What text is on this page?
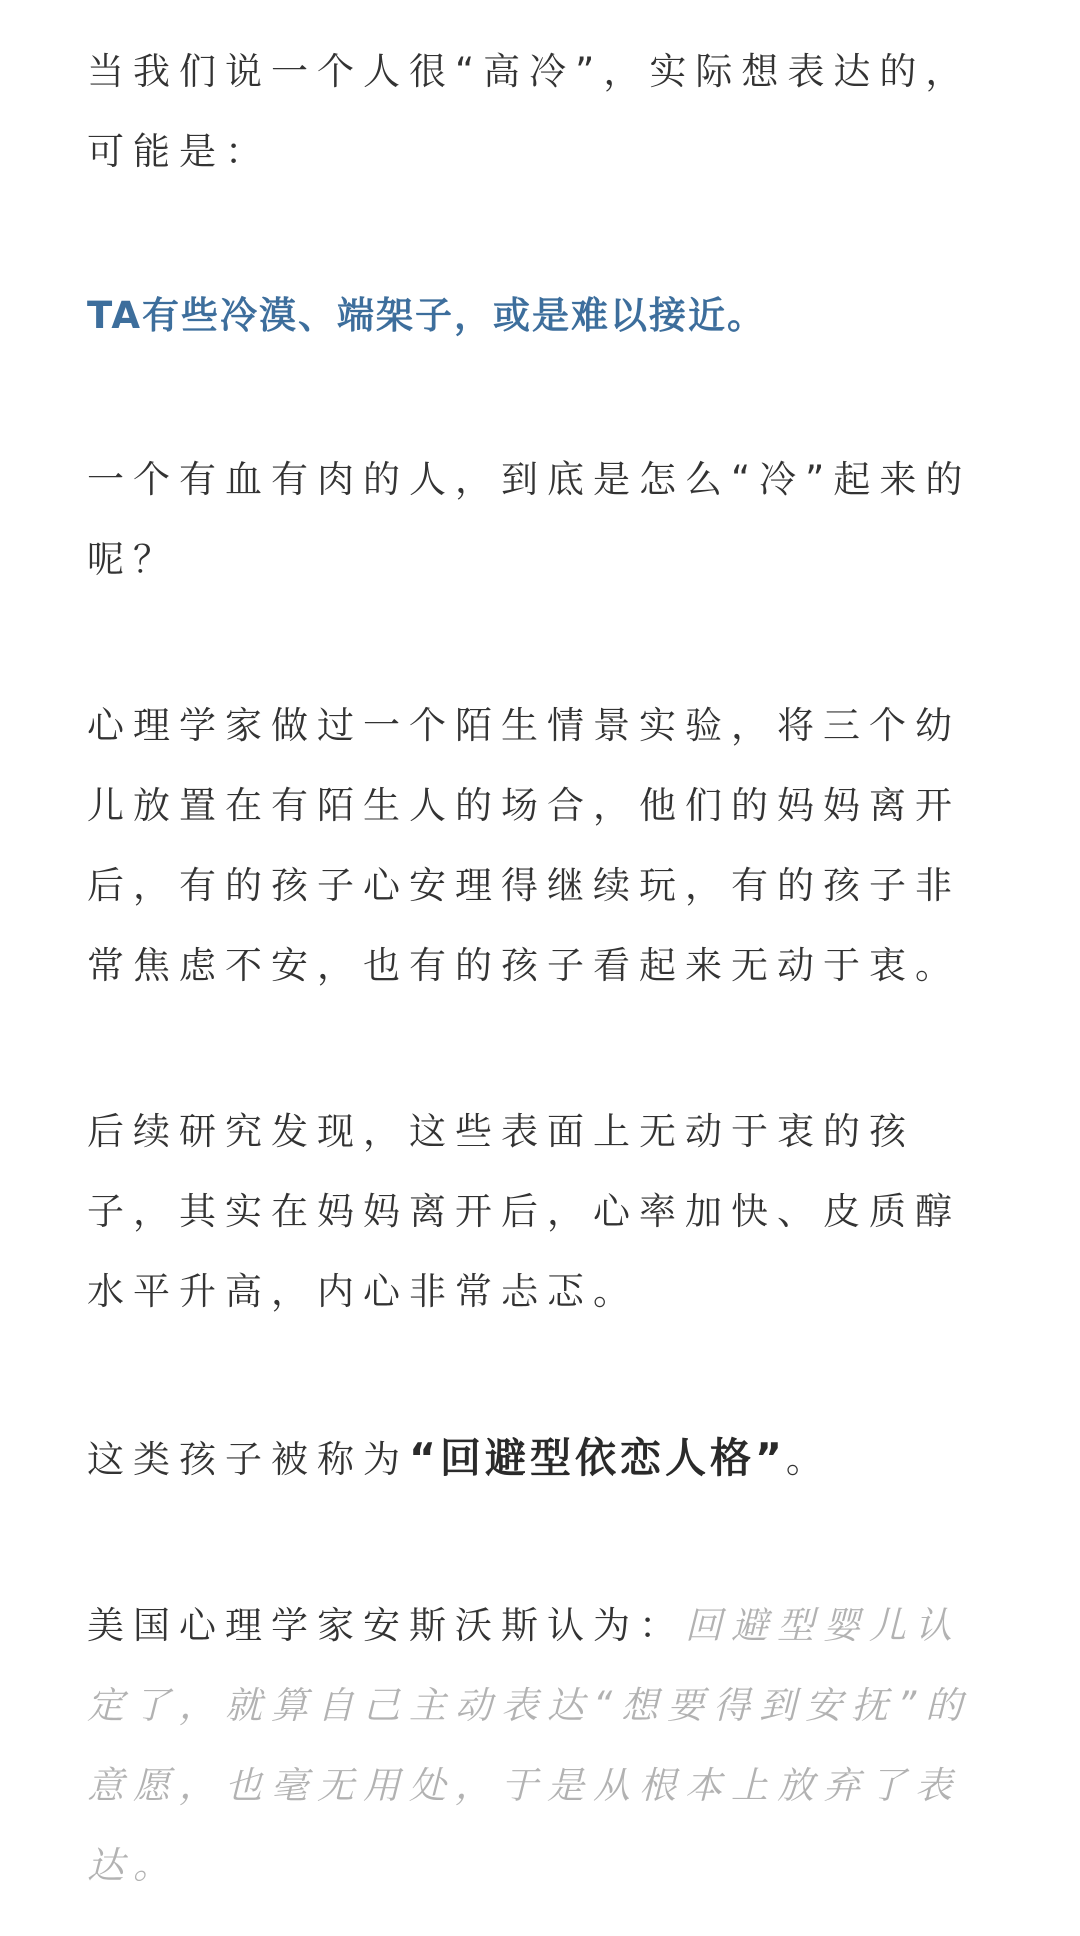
当我们说一个人很“高冷”，实际想表达的，可能是：

TA有些冷漠、端架子，或是难以接近。

一个有血有肉的人，到底是怎么“冷”起来的呢？

心理学家做过一个陌生情景实验，将三个幼儿放置在有陌生人的场合，他们的妈妈离开后，有的孩子心安理得继续玩，有的孩子非常焦虑不安，也有的孩子看起来无动于衷。

后续研究发现，这些表面上无动于衷的孩子，其实在妈妈离开后，心率加快、皮质醇水平升高，内心非常忐忑。

这类孩子被称为“回避型依恋人格”。

美国心理学家安斯沃斯认为：回避型婴儿认定了，就算自己主动表达“想要得到安抚”的意愿，也毫无用处，于是从根本上放弃了表达。
